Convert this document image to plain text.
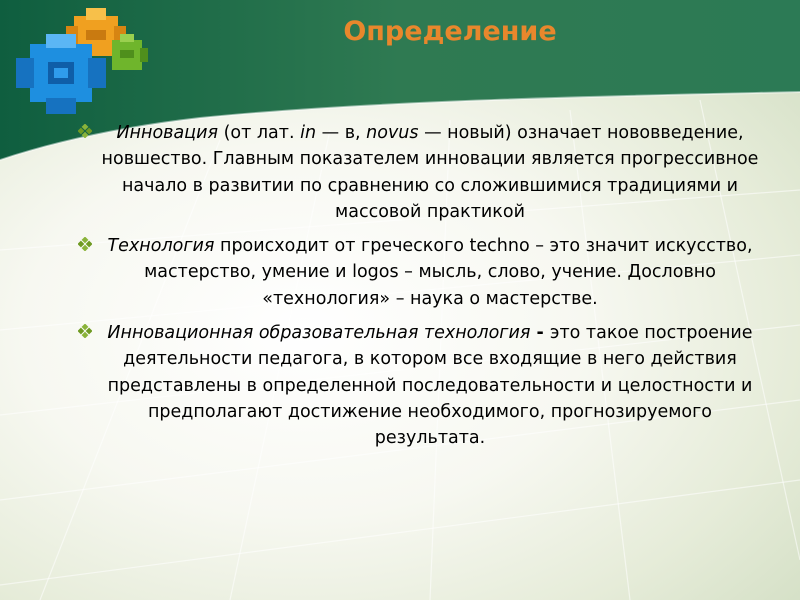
Определение
Инновация (от лат. in — в, novus — новый) означает нововведение, новшество. Главным показателем инновации является прогрессивное начало в развитии по сравнению со сложившимися традициями и массовой практикой
Технология происходит от греческого techno – это значит искусство, мастерство, умение и logos – мысль, слово, учение. Дословно «технология» – наука о мастерстве.
Инновационная образовательная технология - это такое построение деятельности педагога, в котором все входящие в него действия представлены в определенной последовательности и целостности и предполагают достижение необходимого, прогнозируемого результата.
